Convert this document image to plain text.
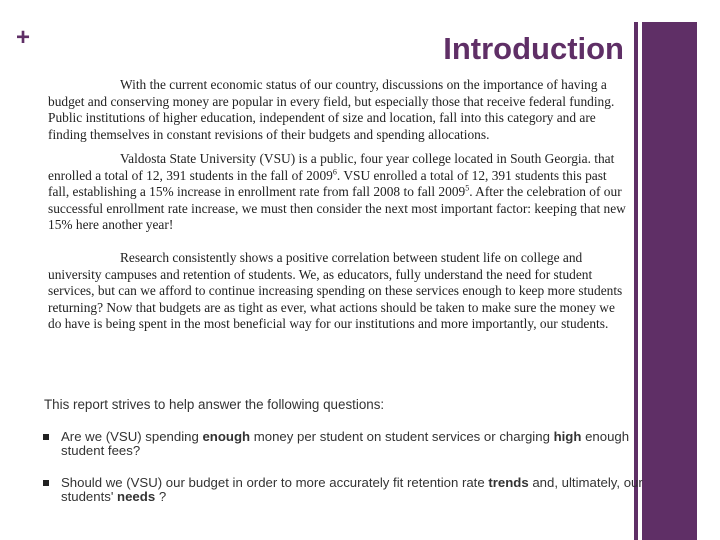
+	Introduction

With the current economic status of our country, discussions on the importance of having a budget and conserving money are popular in every field, but especially those that receive federal funding. Public institutions of higher education, independent of size and location, fall into this category and are finding themselves in constant revisions of their budgets and spending allocations.

Valdosta State University (VSU) is a public, four year college located in South Georgia. that enrolled a total of 12, 391 students in the fall of 2009$^6$. VSU enrolled a total of 12, 391 students this past fall, establishing a 15% increase in enrollment rate from fall 2008 to fall 2009$^5$. After the celebration of our successful enrollment rate increase, we must then consider the next most important factor: keeping that new 15% here another year!

Research consistently shows a positive correlation between student life on college and university campuses and retention of students. We, as educators, fully understand the need for student services, but can we afford to continue increasing spending on these services enough to keep more students returning? Now that budgets are as tight as ever, what actions should be taken to make sure the money we do have is being spent in the most beneficial way for our institutions and more importantly, our students.

This report strives to help answer the following questions:

Are we (VSU) spending enough money per student on student services or charging high enough student fees?
Should we (VSU) our budget in order to more accurately fit retention rate trends and, ultimately, our students' needs ?
